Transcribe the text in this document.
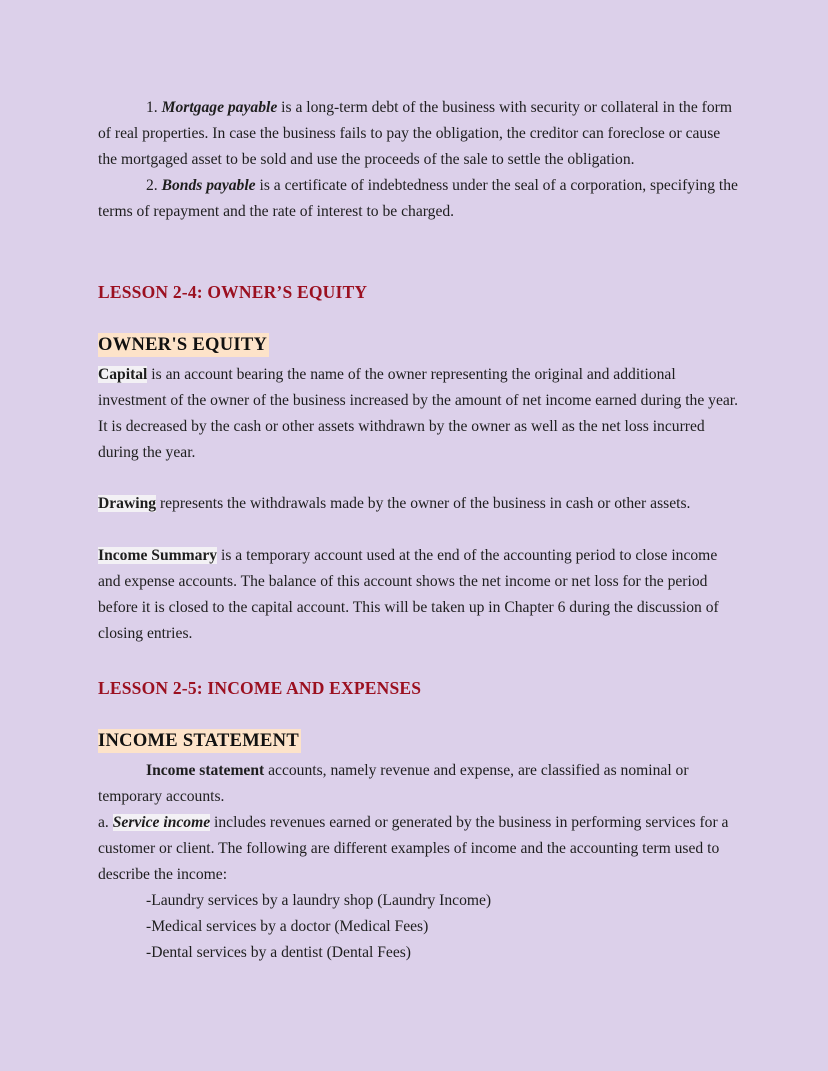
1. Mortgage payable is a long-term debt of the business with security or collateral in the form of real properties. In case the business fails to pay the obligation, the creditor can foreclose or cause the mortgaged asset to be sold and use the proceeds of the sale to settle the obligation.

2. Bonds payable is a certificate of indebtedness under the seal of a corporation, specifying the terms of repayment and the rate of interest to be charged.

LESSON 2-4: OWNER’S EQUITY
OWNER'S EQUITY

Capital is an account bearing the name of the owner representing the original and additional investment of the owner of the business increased by the amount of net income earned during the year. It is decreased by the cash or other assets withdrawn by the owner as well as the net loss incurred during the year.

Drawing represents the withdrawals made by the owner of the business in cash or other assets.

Income Summary is a temporary account used at the end of the accounting period to close income and expense accounts. The balance of this account shows the net income or net loss for the period before it is closed to the capital account. This will be taken up in Chapter 6 during the discussion of closing entries.

LESSON 2-5: INCOME AND EXPENSES
INCOME STATEMENT

Income statement accounts, namely revenue and expense, are classified as nominal or temporary accounts.

a. Service income includes revenues earned or generated by the business in performing services for a customer or client. The following are different examples of income and the accounting term used to describe the income:

-Laundry services by a laundry shop (Laundry Income)

-Medical services by a doctor (Medical Fees)

-Dental services by a dentist (Dental Fees)
